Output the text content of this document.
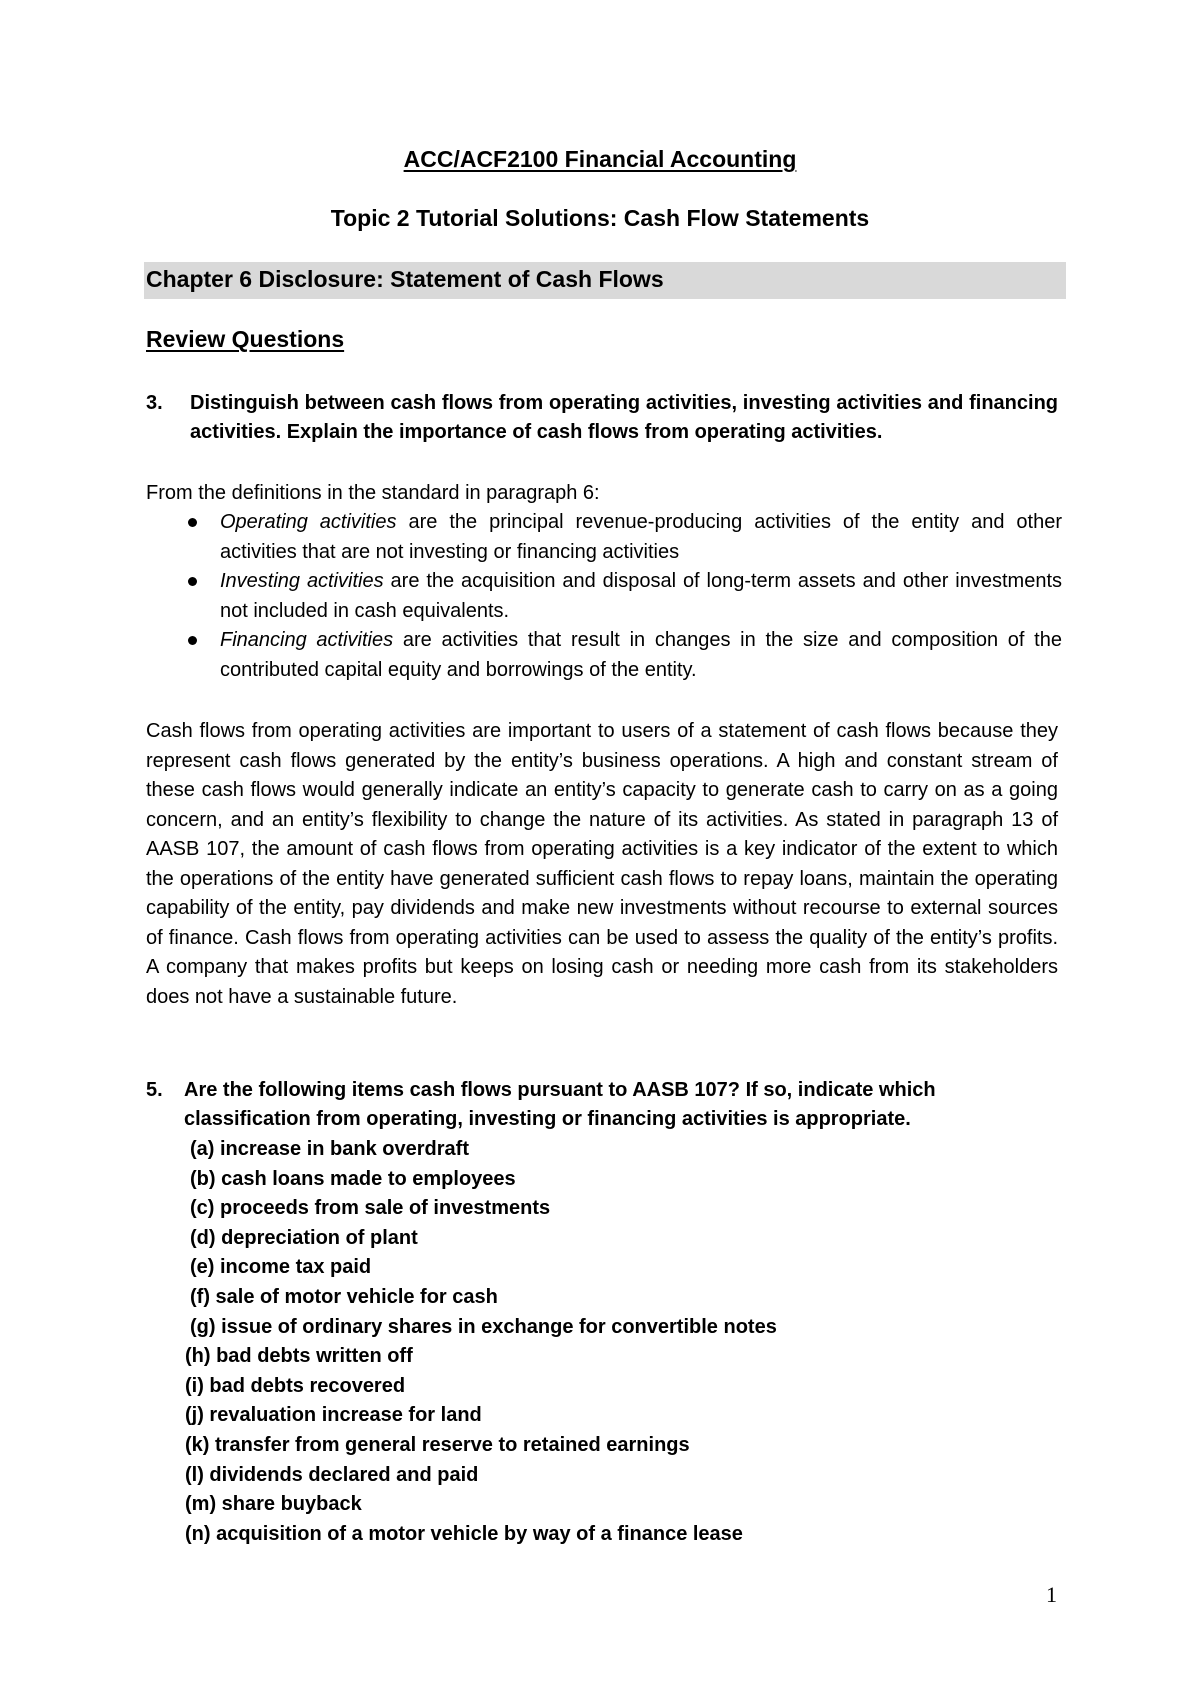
ACC/ACF2100 Financial Accounting
Topic 2 Tutorial Solutions: Cash Flow Statements
Chapter 6 Disclosure: Statement of Cash Flows
Review Questions
3. Distinguish between cash flows from operating activities, investing activities and financing activities. Explain the importance of cash flows from operating activities.
From the definitions in the standard in paragraph 6:
Operating activities are the principal revenue-producing activities of the entity and other activities that are not investing or financing activities
Investing activities are the acquisition and disposal of long-term assets and other investments not included in cash equivalents.
Financing activities are activities that result in changes in the size and composition of the contributed capital equity and borrowings of the entity.
Cash flows from operating activities are important to users of a statement of cash flows because they represent cash flows generated by the entity’s business operations. A high and constant stream of these cash flows would generally indicate an entity’s capacity to generate cash to carry on as a going concern, and an entity’s flexibility to change the nature of its activities. As stated in paragraph 13 of AASB 107, the amount of cash flows from operating activities is a key indicator of the extent to which the operations of the entity have generated sufficient cash flows to repay loans, maintain the operating capability of the entity, pay dividends and make new investments without recourse to external sources of finance. Cash flows from operating activities can be used to assess the quality of the entity’s profits. A company that makes profits but keeps on losing cash or needing more cash from its stakeholders does not have a sustainable future.
5. Are the following items cash flows pursuant to AASB 107? If so, indicate which classification from operating, investing or financing activities is appropriate.
(a) increase in bank overdraft
(b) cash loans made to employees
(c) proceeds from sale of investments
(d) depreciation of plant
(e) income tax paid
(f) sale of motor vehicle for cash
(g) issue of ordinary shares in exchange for convertible notes
(h) bad debts written off
(i) bad debts recovered
(j) revaluation increase for land
(k) transfer from general reserve to retained earnings
(l) dividends declared and paid
(m) share buyback
(n) acquisition of a motor vehicle by way of a finance lease
1
